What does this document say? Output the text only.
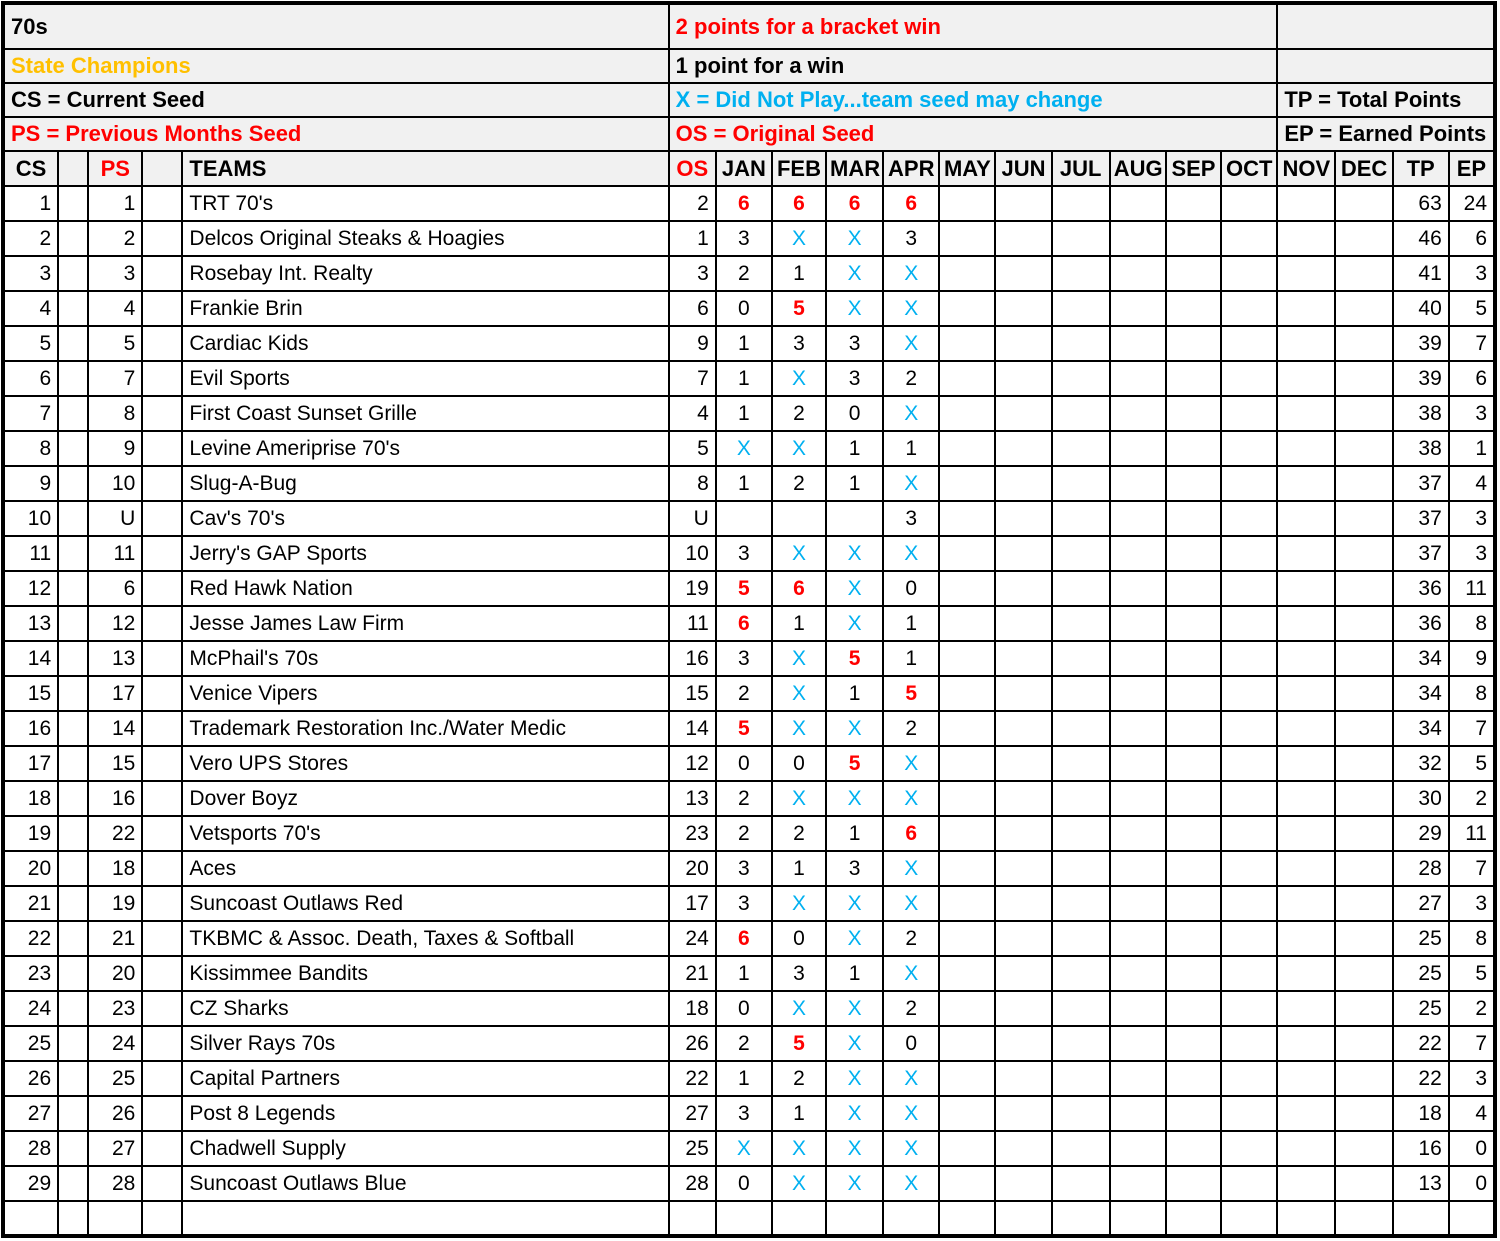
70s					2 points for a bracket win														
State Champions					1 point for a win														
CS = Current Seed					X = Did Not Play...team seed may change											TP = Total Points			
PS = Previous Months Seed					OS = Original Seed											EP = Earned Points			
CS		PS		TEAMS	OS	JAN	FEB	MAR	APR	MAY	JUN	JUL	AUG	SEP	OCT	NOV	DEC	TP	EP
1		1		TRT 70's	2	6	6	6	6									63	24
2		2		Delcos Original Steaks & Hoagies	1	3	X	X	3									46	6
3		3		Rosebay Int. Realty	3	2	1	X	X									41	3
4		4		Frankie Brin	6	0	5	X	X									40	5
5		5		Cardiac Kids	9	1	3	3	X									39	7
6		7		Evil Sports	7	1	X	3	2									39	6
7		8		First Coast Sunset Grille	4	1	2	0	X									38	3
8		9		Levine Ameriprise 70's	5	X	X	1	1									38	1
9		10		Slug-A-Bug	8	1	2	1	X									37	4
10		U		Cav's 70's	U				3									37	3
11		11		Jerry's GAP Sports	10	3	X	X	X									37	3
12		6		Red Hawk Nation	19	5	6	X	0									36	11
13		12		Jesse James Law Firm	11	6	1	X	1									36	8
14		13		McPhail's 70s	16	3	X	5	1									34	9
15		17		Venice Vipers	15	2	X	1	5									34	8
16		14		Trademark Restoration Inc./Water Medic	14	5	X	X	2									34	7
17		15		Vero UPS Stores	12	0	0	5	X									32	5
18		16		Dover Boyz	13	2	X	X	X									30	2
19		22		Vetsports 70's	23	2	2	1	6									29	11
20		18		Aces	20	3	1	3	X									28	7
21		19		Suncoast Outlaws Red	17	3	X	X	X									27	3
22		21		TKBMC & Assoc. Death, Taxes & Softball	24	6	0	X	2									25	8
23		20		Kissimmee Bandits	21	1	3	1	X									25	5
24		23		CZ Sharks	18	0	X	X	2									25	2
25		24		Silver Rays 70s	26	2	5	X	0									22	7
26		25		Capital Partners	22	1	2	X	X									22	3
27		26		Post 8 Legends	27	3	1	X	X									18	4
28		27		Chadwell Supply	25	X	X	X	X									16	0
29		28		Suncoast Outlaws Blue	28	0	X	X	X									13	0
